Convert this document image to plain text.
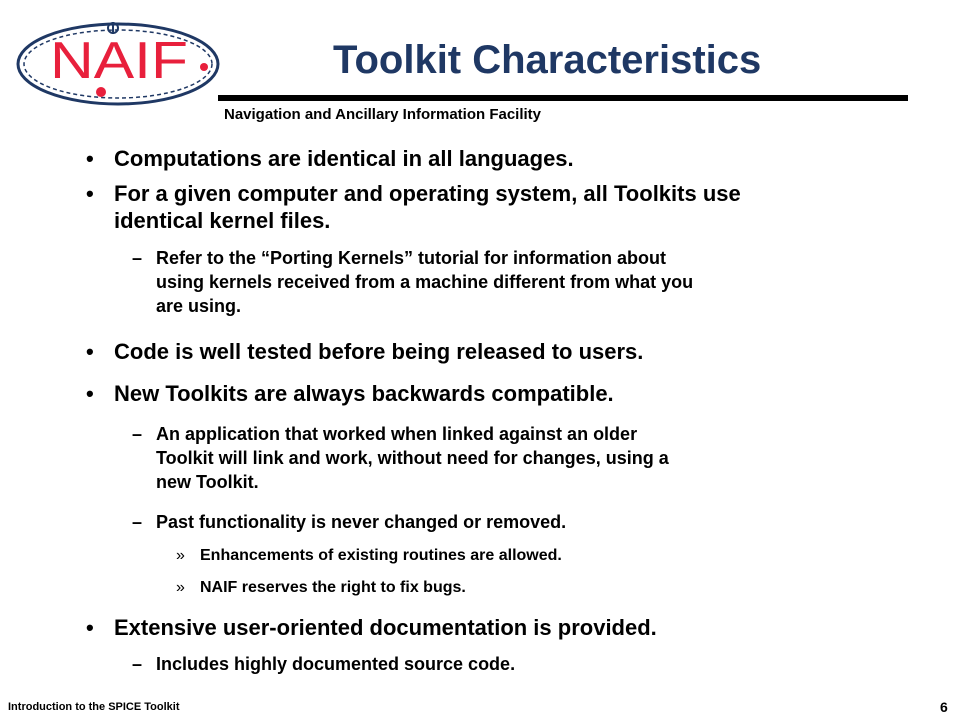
NAIF	Toolkit Characteristics
Navigation and Ancillary Information Facility
• Computations are identical in all languages.
• For a given computer and operating system, all Toolkits use
identical kernel files.
– Refer to the “Porting Kernels” tutorial for information about
using kernels received from a machine different from what you
are using.
• Code is well tested before being released to users.
• New Toolkits are always backwards compatible.
– An application that worked when linked against an older
Toolkit will link and work, without need for changes, using a
new Toolkit.
– Past functionality is never changed or removed.
» Enhancements of existing routines are allowed.
» NAIF reserves the right to fix bugs.
• Extensive user-oriented documentation is provided.
– Includes highly documented source code.
Introduction to the SPICE Toolkit	6
